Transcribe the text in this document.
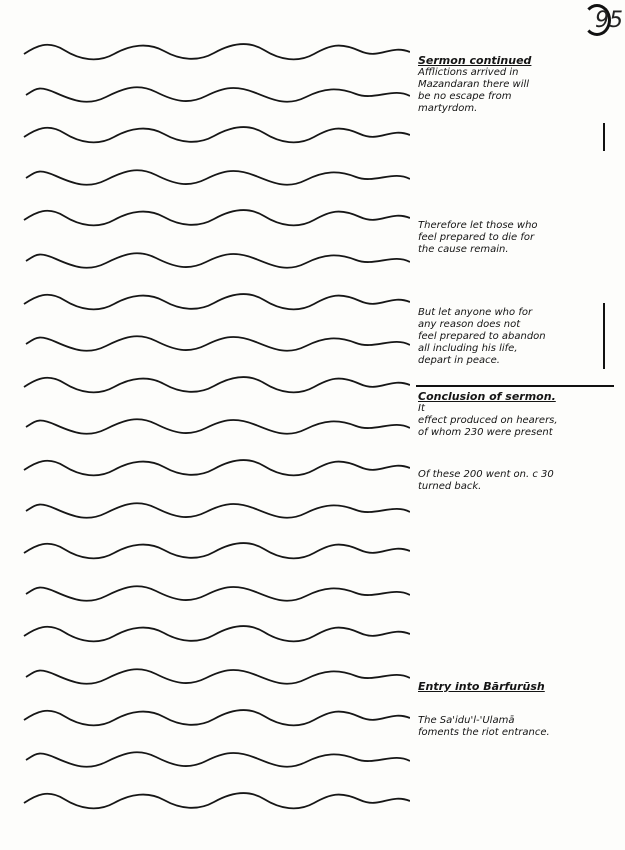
95
Sermon continued
Afflictions arrived in
Mazandaran there will
be no escape from
martyrdom.
Therefore let those who
feel prepared to die for
the cause remain.
But let anyone who for
any reason does not
feel prepared to abandon
all including his life,
depart in peace.
Conclusion of sermon.
It
effect produced on hearers,
of whom 230 were present
Of these 200 went on. c 30
turned back.
Entry into Bārfurūsh
The Sa'idu'l-'Ulamā
foments the riot entrance.
